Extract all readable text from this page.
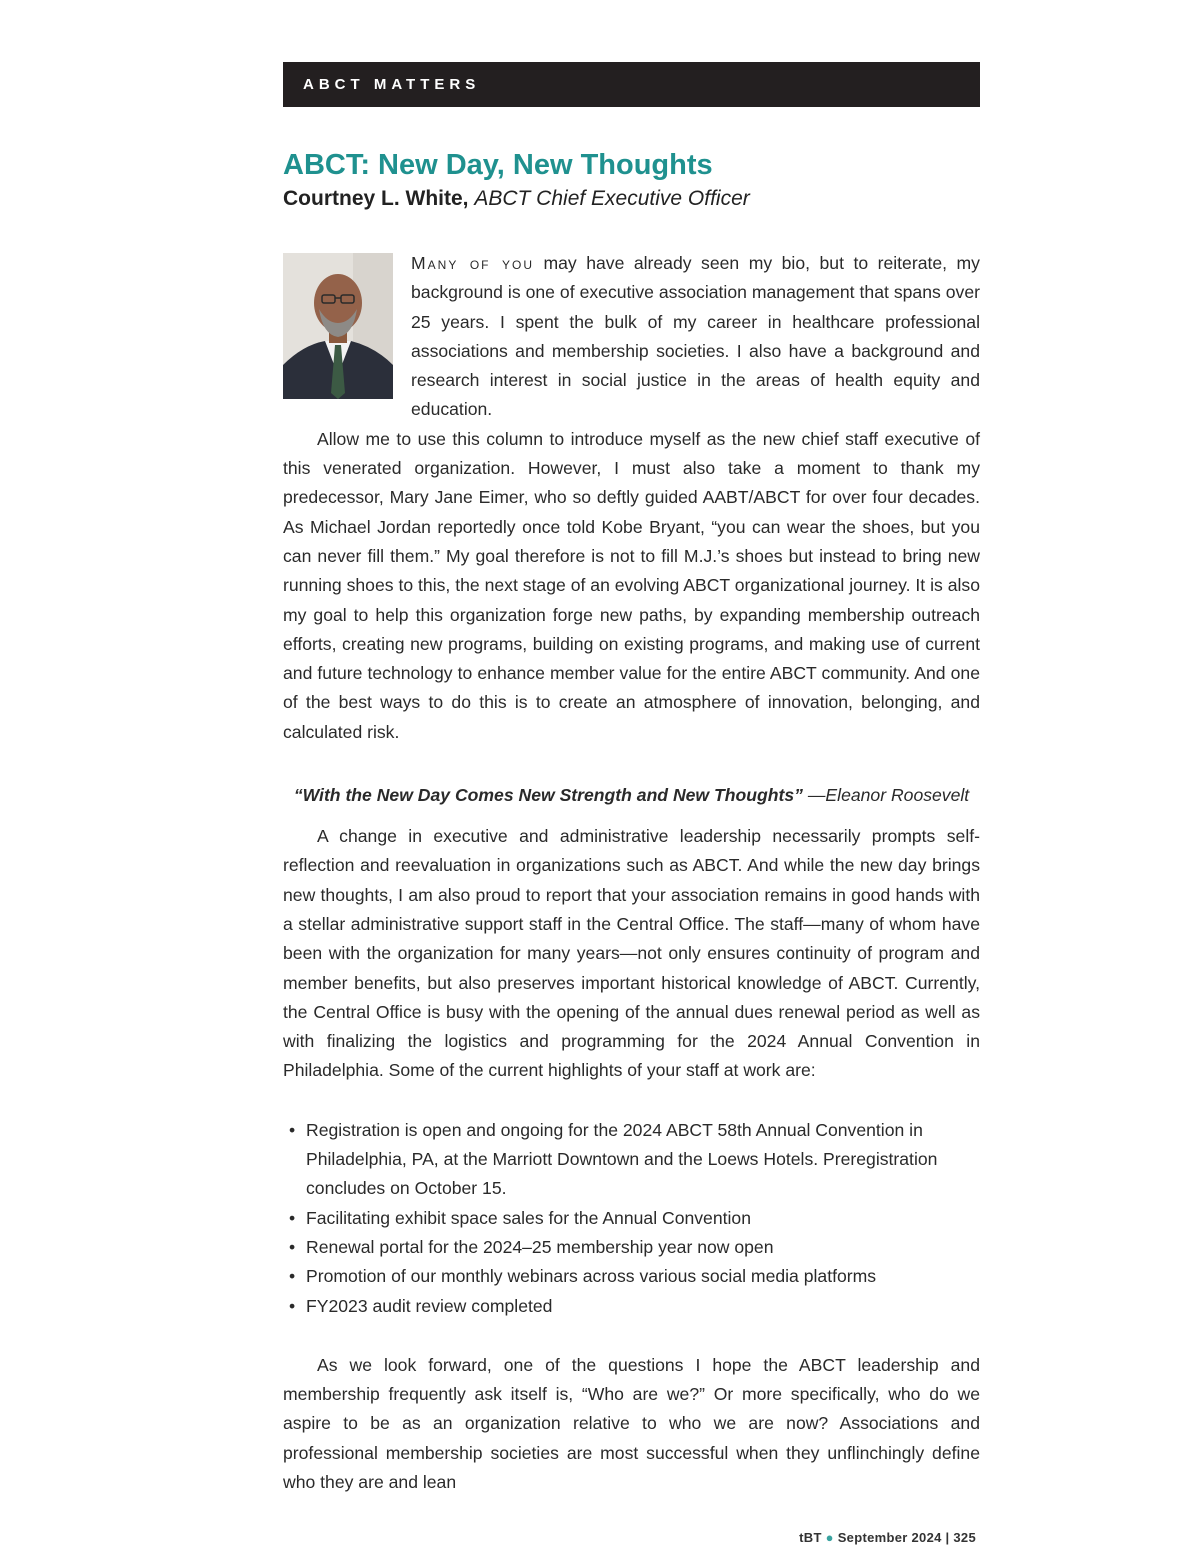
ABCT MATTERS
ABCT: New Day, New Thoughts
Courtney L. White, ABCT Chief Executive Officer

Many of you may have already seen my bio, but to reiterate, my background is one of executive association management that spans over 25 years. I spent the bulk of my career in healthcare professional associations and membership societies. I also have a background and research interest in social justice in the areas of health equity and education.

Allow me to use this column to introduce myself as the new chief staff executive of this venerated organization. However, I must also take a moment to thank my predecessor, Mary Jane Eimer, who so deftly guided AABT/ABCT for over four decades. As Michael Jordan reportedly once told Kobe Bryant, “you can wear the shoes, but you can never fill them.” My goal therefore is not to fill M.J.’s shoes but instead to bring new running shoes to this, the next stage of an evolving ABCT organizational journey. It is also my goal to help this organization forge new paths, by expanding membership outreach efforts, creating new programs, building on existing programs, and making use of current and future technology to enhance member value for the entire ABCT community. And one of the best ways to do this is to create an atmosphere of innovation, belonging, and calculated risk.

“With the New Day Comes New Strength and New Thoughts” —Eleanor Roosevelt

A change in executive and administrative leadership necessarily prompts self-reflection and reevaluation in organizations such as ABCT. And while the new day brings new thoughts, I am also proud to report that your association remains in good hands with a stellar administrative support staff in the Central Office. The staff—many of whom have been with the organization for many years—not only ensures continuity of program and member benefits, but also preserves important historical knowledge of ABCT. Currently, the Central Office is busy with the opening of the annual dues renewal period as well as with finalizing the logistics and programming for the 2024 Annual Convention in Philadelphia. Some of the current highlights of your staff at work are:

• Registration is open and ongoing for the 2024 ABCT 58th Annual Convention in Philadelphia, PA, at the Marriott Downtown and the Loews Hotels. Preregistration concludes on October 15.
• Facilitating exhibit space sales for the Annual Convention
• Renewal portal for the 2024–25 membership year now open
• Promotion of our monthly webinars across various social media platforms
• FY2023 audit review completed

As we look forward, one of the questions I hope the ABCT leadership and membership frequently ask itself is, “Who are we?” Or more specifically, who do we aspire to be as an organization relative to who we are now? Associations and professional membership societies are most successful when they unflinchingly define who they are and lean

tBT ● September 2024 | 325
